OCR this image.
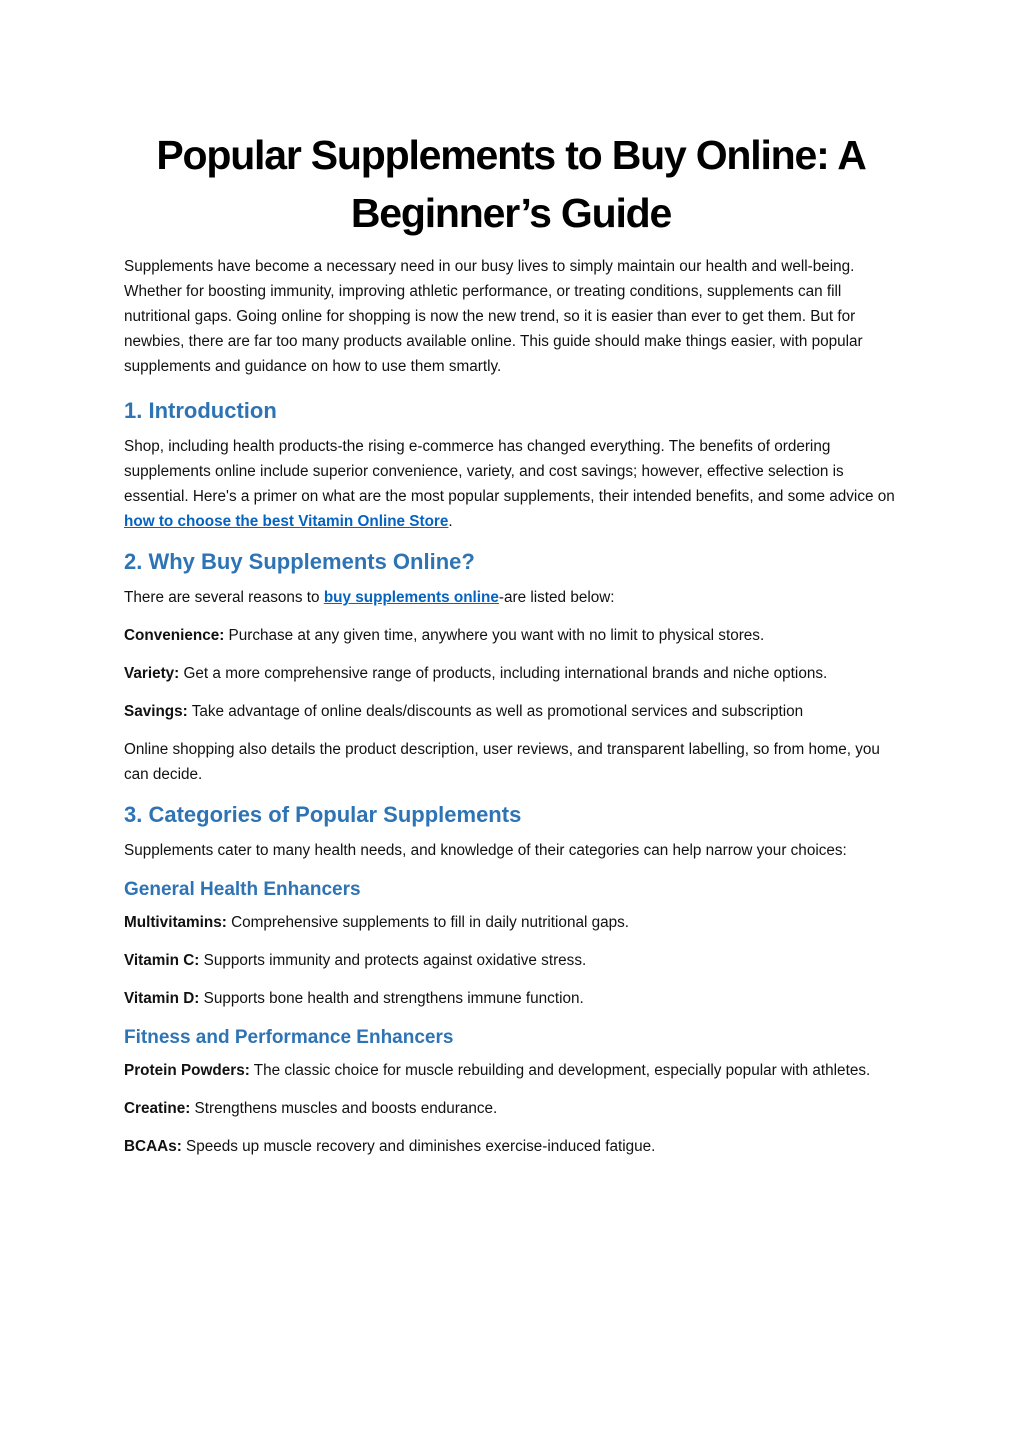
Popular Supplements to Buy Online: A Beginner’s Guide

Supplements have become a necessary need in our busy lives to simply maintain our health and well-being. Whether for boosting immunity, improving athletic performance, or treating conditions, supplements can fill nutritional gaps. Going online for shopping is now the new trend, so it is easier than ever to get them. But for newbies, there are far too many products available online. This guide should make things easier, with popular supplements and guidance on how to use them smartly.

1. Introduction

Shop, including health products-the rising e-commerce has changed everything. The benefits of ordering supplements online include superior convenience, variety, and cost savings; however, effective selection is essential. Here's a primer on what are the most popular supplements, their intended benefits, and some advice on how to choose the best Vitamin Online Store.

2. Why Buy Supplements Online?

There are several reasons to buy supplements online-are listed below:

Convenience: Purchase at any given time, anywhere you want with no limit to physical stores.

Variety: Get a more comprehensive range of products, including international brands and niche options.

Savings: Take advantage of online deals/discounts as well as promotional services and subscription

Online shopping also details the product description, user reviews, and transparent labelling, so from home, you can decide.

3. Categories of Popular Supplements

Supplements cater to many health needs, and knowledge of their categories can help narrow your choices:

General Health Enhancers

Multivitamins: Comprehensive supplements to fill in daily nutritional gaps.

Vitamin C: Supports immunity and protects against oxidative stress.

Vitamin D: Supports bone health and strengthens immune function.

Fitness and Performance Enhancers

Protein Powders: The classic choice for muscle rebuilding and development, especially popular with athletes.

Creatine: Strengthens muscles and boosts endurance.

BCAAs: Speeds up muscle recovery and diminishes exercise-induced fatigue.
